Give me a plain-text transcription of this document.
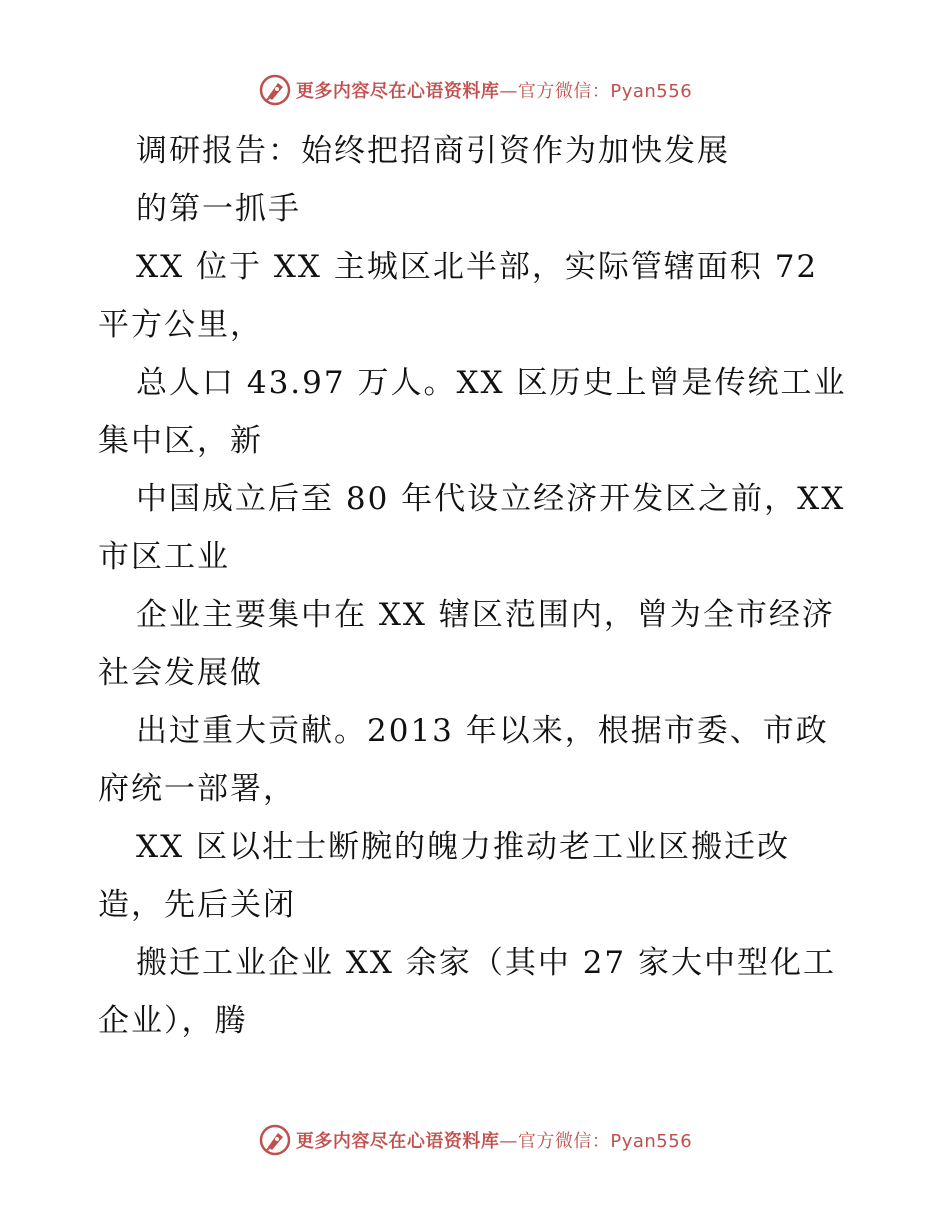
更多内容尽在心语资料库—官方微信：Pyan556
调研报告：始终把招商引资作为加快发展
的第一抓手
XX 位于 XX 主城区北半部，实际管辖面积 72
平方公里，
总人口 43.97 万人。XX 区历史上曾是传统工业
集中区，新
中国成立后至 80 年代设立经济开发区之前，XX
市区工业
企业主要集中在 XX 辖区范围内，曾为全市经济
社会发展做
出过重大贡献。2013 年以来，根据市委、市政
府统一部署，
XX 区以壮士断腕的魄力推动老工业区搬迁改
造，先后关闭
搬迁工业企业 XX 余家（其中 27 家大中型化工
企业），腾
更多内容尽在心语资料库—官方微信：Pyan556
